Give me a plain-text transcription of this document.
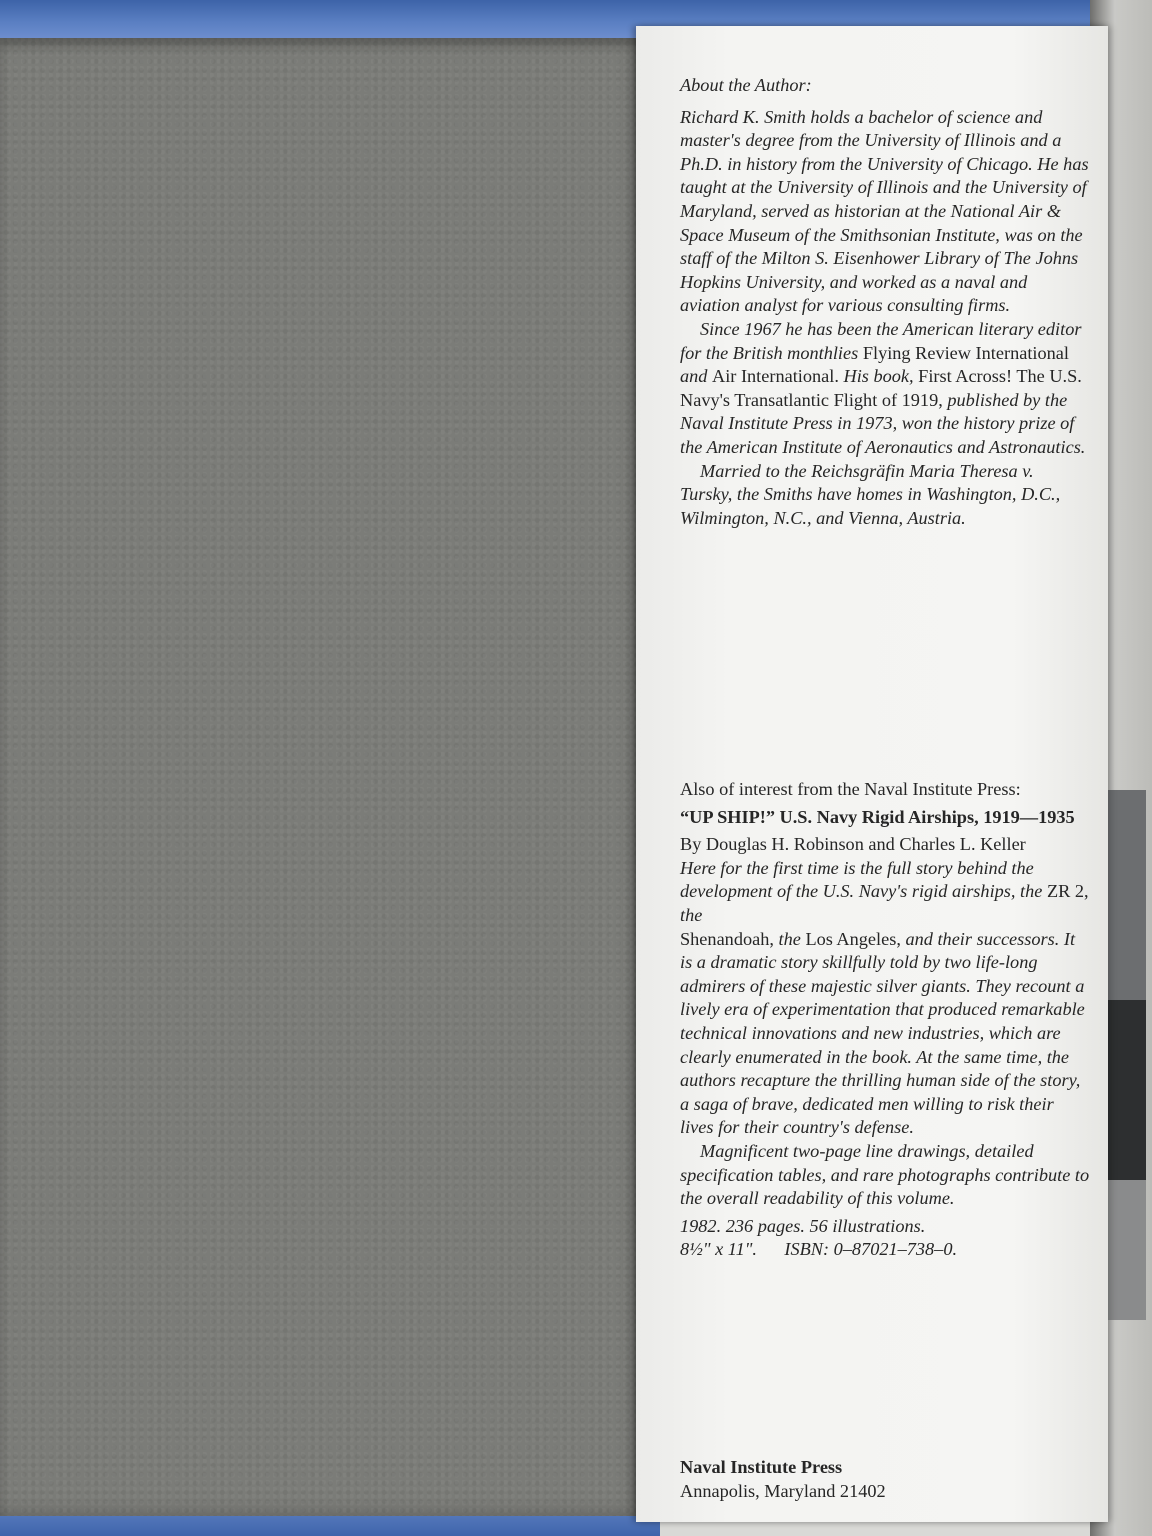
About the Author:

Richard K. Smith holds a bachelor of science and master's degree from the University of Illinois and a Ph.D. in history from the University of Chicago. He has taught at the University of Illinois and the University of Maryland, served as historian at the National Air & Space Museum of the Smithsonian Institute, was on the staff of the Milton S. Eisenhower Library of The Johns Hopkins University, and worked as a naval and aviation analyst for various consulting firms.

Since 1967 he has been the American literary editor for the British monthlies Flying Review International and Air International. His book, First Across! The U.S. Navy's Transatlantic Flight of 1919, published by the Naval Institute Press in 1973, won the history prize of the American Institute of Aeronautics and Astronautics.

Married to the Reichsgräfin Maria Theresa v. Tursky, the Smiths have homes in Washington, D.C., Wilmington, N.C., and Vienna, Austria.

Also of interest from the Naval Institute Press:

“UP SHIP!” U.S. Navy Rigid Airships, 1919—1935

By Douglas H. Robinson and Charles L. Keller

Here for the first time is the full story behind the development of the U.S. Navy's rigid airships, the ZR 2, the
Shenandoah, the Los Angeles, and their successors. It is a dramatic story skillfully told by two life-long admirers of these majestic silver giants. They recount a lively era of experimentation that produced remarkable technical innovations and new industries, which are clearly enumerated in the book. At the same time, the authors recapture the thrilling human side of the story, a saga of brave, dedicated men willing to risk their lives for their country's defense.

Magnificent two-page line drawings, detailed specification tables, and rare photographs contribute to the overall readability of this volume.

1982. 236 pages. 56 illustrations.

8½" x 11". ISBN: 0–87021–738–0.

Naval Institute Press

Annapolis, Maryland 21402
